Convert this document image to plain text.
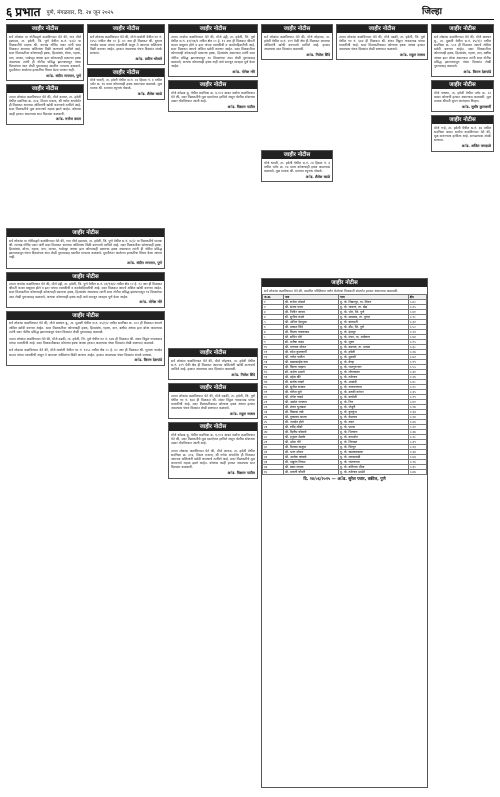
६ प्रभात पुणे, मंगळवार, दि. २४ जून २०२५	जिल्हा
जाहीर नोटीस
सर्व लोकांस या नोटीसद्वारे कळविण्यात येते की, गाव मौजे हडपसर, ता. हवेली, जि. पुणे येथील स.नं. ४२/२ या मिळकतीचे मालक श्री. रामचंद्र गोविंद पवार यांनी सदर मिळकत आमच्या अशिलांना विक्री करण्याचे ठरविले आहे. सदर मिळकतीवर कोणाचाही हक्क, हितसंबंध, बोजा, गहाण, दान, वारसा, भाडेपट्टा अथवा इतर कोणत्याही प्रकारचा हक्क असल्यास त्यांनी ही नोटीस प्रसिद्ध झाल्यापासून पंधरा दिवसांच्या आत लेखी पुराव्यासह खालील पत्त्यावर कळवावे. मुदतीनंतर आलेल्या हरकतींचा विचार केला जाणार नाही.
अॅड. संदीप जगताप, पुणे
जाहीर नोटीस
तमाम लोकांस कळविण्यात येते की, मौजे कात्रज, ता. हवेली येथील सदनिका क्र. ३०४, तिसरा मजला, श्री गणेश अपार्टमेंट ही मिळकत आमच्या अशिलांनी खरेदी करण्याचे ठरविले आहे. सदर मिळकतीचे मूळ करारनामे गहाळ झाले आहेत. कोणास काही हरकत असल्यास सात दिवसांत कळवावी.
अॅड. मनोज कदम
जाहीर नोटीस
सर्व लोकांस कळविण्यात येते की, मौजे वाघोली येथील गट नं. १२५८ मधील क्षेत्र ०० हे. ४० आर ही मिळकत श्री. सुभाष नामदेव सातव यांच्या मालकीची असून ते आमच्या अशिलांना विक्री करणार आहेत. हरकत असल्यास पंधरा दिवसांत संपर्क साधावा.
अॅड. प्रवीण भोसले
जाहीर नोटीस
मौजे धायरी, ता. हवेली येथील स.नं. ८४ हिस्सा नं. ३ मधील प्लॉट क्र. १७ यावर कोणाचाही हक्क असल्यास कळवावे. मूळ मालक श्री. दत्तात्रय रघुनाथ पोकळे.
अॅड. शैलेश काळे
जाहीर नोटीस
तमाम जनतेस कळविण्यात येते की, मौजे उंड्री, ता. हवेली, जि. पुणे येथील स.नं. ३१/१अ/२ मधील क्षेत्र ०० हे. १२ आर ही मिळकत श्रीमती कमल बाबुराव होले व इतर यांच्या मालकीची व कब्जेवहिवाटीची आहे. सदर मिळकत आमचे अशिल खरेदी करणार आहेत. सदर मिळकतीवर कोणाचाही कोणत्याही प्रकारचा हक्क, हितसंबंध असल्यास त्यांनी सदर नोटीस प्रसिद्ध झाल्यापासून १४ दिवसांच्या आत लेखी पुराव्यासह कळवावे, अन्यथा कोणाचाही हक्क नाही असे समजून व्यवहार पूर्ण केला जाईल.
अॅड. योगेश मोरे
जाहीर नोटीस
मौजे कोंढवा बु. येथील सदनिका क्र. ए-१०२ बाबत सर्वांना कळविण्यात येते की, सदर मिळकतीचे मूळ दस्तऐवज हरविले असून पोलीस स्टेशनला तक्रार नोंदविण्यात आली आहे.
अॅड. विशाल पाटील
जाहीर नोटीस
सर्व लोकांस कळविण्यात येते की, मौजे लोहगाव, ता. हवेली येथील स.नं. २१९ पैकी क्षेत्र ही मिळकत आमच्या अशिलांनी खरेदी करण्याचे ठरविले आहे. हरकत असल्यास सात दिवसांत कळवावी.
अॅड. निलेश शिंदे
जाहीर नोटीस
तमाम लोकांस कळविण्यात येते की, मौजे वडकी, ता. हवेली, जि. पुणे येथील गट नं. ६७४ ही मिळकत श्री. शंकर विठ्ठल गायकवाड यांच्या मालकीची आहे. सदर मिळकतीबाबत कोणाचा हक्क अथवा हरकत असल्यास पंधरा दिवसांत लेखी स्वरूपात कळवावे.
अॅड. राहुल जाधव
जाहीर नोटीस
सर्व लोकांस कळविण्यात येते की, मौजे बावधन बु., ता. मुळशी येथील स.नं. ४५/१/२ मधील सदनिका क्र. ५०२ ही मिळकत आमचे अशिल खरेदी करणार आहेत. सदर मिळकतीवर कोणाचाही हक्क, हितसंबंध, गहाण, दान, बक्षीस अथवा इतर बोजा असल्यास त्यांनी सदर नोटीस प्रसिद्ध झाल्यापासून पंधरा दिवसांत लेखी पुराव्यासह कळवावे.
अॅड. किरण देशपांडे
जाहीर नोटीस
मौजे पाषाण, ता. हवेली येथील प्लॉट क्र. २२ बाबत कोणाची हरकत असल्यास कळवावी. मूळ मालक श्रीमती सुमन आनंदराव निम्हण.
अॅड. सुधीर कुलकर्णी
जाहीर नोटीस
मौजे नऱ्हे, ता. हवेली येथील स.नं. ३७ मधील सदनिका बाबत सर्वांना कळविण्यात येते की, मूळ करारनामा हरविला आहे. सापडल्यास संपर्क साधावा.
अॅड. अजित जगदाळे
जाहीर नोटीस
सर्व लोकांस या नोटीसद्वारे कळविण्यात येते की, गाव मौजे हडपसर, ता. हवेली, जि. पुणे येथील स.नं. ४२/२ या मिळकतीचे मालक श्री. रामचंद्र गोविंद पवार यांनी सदर मिळकत आमच्या अशिलांना विक्री करण्याचे ठरविले आहे. सदर मिळकतीवर कोणाचाही हक्क, हितसंबंध, बोजा, गहाण, दान, वारसा, भाडेपट्टा अथवा इतर कोणत्याही प्रकारचा हक्क असल्यास त्यांनी ही नोटीस प्रसिद्ध झाल्यापासून पंधरा दिवसांच्या आत लेखी पुराव्यासह खालील पत्त्यावर कळवावे. मुदतीनंतर आलेल्या हरकतींचा विचार केला जाणार नाही.
अॅड. संदीप जगताप, पुणे
जाहीर नोटीस
तमाम जनतेस कळविण्यात येते की, मौजे उंड्री, ता. हवेली, जि. पुणे येथील स.नं. ३१/१अ/२ मधील क्षेत्र ०० हे. १२ आर ही मिळकत श्रीमती कमल बाबुराव होले व इतर यांच्या मालकीची व कब्जेवहिवाटीची आहे. सदर मिळकत आमचे अशिल खरेदी करणार आहेत. सदर मिळकतीवर कोणाचाही कोणत्याही प्रकारचा हक्क, हितसंबंध असल्यास त्यांनी सदर नोटीस प्रसिद्ध झाल्यापासून १४ दिवसांच्या आत लेखी पुराव्यासह कळवावे, अन्यथा कोणाचाही हक्क नाही असे समजून व्यवहार पूर्ण केला जाईल.
अॅड. योगेश मोरे
जाहीर नोटीस
सर्व लोकांस कळविण्यात येते की, मौजे बावधन बु., ता. मुळशी येथील स.नं. ४५/१/२ मधील सदनिका क्र. ५०२ ही मिळकत आमचे अशिल खरेदी करणार आहेत. सदर मिळकतीवर कोणाचाही हक्क, हितसंबंध, गहाण, दान, बक्षीस अथवा इतर बोजा असल्यास त्यांनी सदर नोटीस प्रसिद्ध झाल्यापासून पंधरा दिवसांत लेखी पुराव्यासह कळवावे.
तमाम लोकांस कळविण्यात येते की, मौजे वडकी, ता. हवेली, जि. पुणे येथील गट नं. ६७४ ही मिळकत श्री. शंकर विठ्ठल गायकवाड यांच्या मालकीची आहे. सदर मिळकतीबाबत कोणाचा हक्क अथवा हरकत असल्यास पंधरा दिवसांत लेखी स्वरूपात कळवावे.
सर्व लोकांस कळविण्यात येते की, मौजे वाघोली येथील गट नं. १२५८ मधील क्षेत्र ०० हे. ४० आर ही मिळकत श्री. सुभाष नामदेव सातव यांच्या मालकीची असून ते आमच्या अशिलांना विक्री करणार आहेत. हरकत असल्यास पंधरा दिवसांत संपर्क साधावा.
अॅड. किरण देशपांडे
जाहीर नोटीस
सर्व लोकांस कळविण्यात येते की, मौजे लोहगाव, ता. हवेली येथील स.नं. २१९ पैकी क्षेत्र ही मिळकत आमच्या अशिलांनी खरेदी करण्याचे ठरविले आहे. हरकत असल्यास सात दिवसांत कळवावी.
अॅड. निलेश शिंदे
जाहीर नोटीस
तमाम लोकांस कळविण्यात येते की, मौजे वडकी, ता. हवेली, जि. पुणे येथील गट नं. ६७४ ही मिळकत श्री. शंकर विठ्ठल गायकवाड यांच्या मालकीची आहे. सदर मिळकतीबाबत कोणाचा हक्क अथवा हरकत असल्यास पंधरा दिवसांत लेखी स्वरूपात कळवावे.
अॅड. राहुल जाधव
जाहीर नोटीस
मौजे कोंढवा बु. येथील सदनिका क्र. ए-१०२ बाबत सर्वांना कळविण्यात येते की, सदर मिळकतीचे मूळ दस्तऐवज हरविले असून पोलीस स्टेशनला तक्रार नोंदविण्यात आली आहे.
तमाम लोकांस कळविण्यात येते की, मौजे कात्रज, ता. हवेली येथील सदनिका क्र. ३०४, तिसरा मजला, श्री गणेश अपार्टमेंट ही मिळकत आमच्या अशिलांनी खरेदी करण्याचे ठरविले आहे. सदर मिळकतीचे मूळ करारनामे गहाळ झाले आहेत. कोणास काही हरकत असल्यास सात दिवसांत कळवावी.
अॅड. विशाल पाटील
जाहीर नोटीस
सर्व लोकांस कळविण्यात येते की, खालील परिशिष्टात वर्णन केलेल्या मिळकती संदर्भात हरकत असल्यास कळवावी.
अ.क्र.	नाव	पत्ता	क्षेत्र
१	श्री. राजेश भोसले	मु. पो. शिक्रापूर, ता. शिरूर	०.४०
२	श्री. संजय पवार	मु. पो. चाकण, ता. खेड	०.२५
३	श्री. नितीन जाधव	मु. पो. भोर, जि. पुणे	०.६१
४	सौ. सुनीता काळे	मु. पो. सासवड, ता. पुरंदर	०.१८
५	श्री. अनिल देशमुख	मु. पो. बारामती	०.३२
६	श्री. प्रकाश शिंदे	मु. पो. दौंड, जि. पुणे	०.५०
७	श्री. विजय गायकवाड	मु. पो. इंदापूर	०.२२
८	श्री. सचिन मोरे	मु. पो. मंचर, ता. आंबेगाव	०.४४
९	सौ. मनीषा कदम	मु. पो. जुन्नर	०.१५
१०	श्री. दत्तात्रय थोरात	मु. पो. वडगाव, ता. मावळ	०.३८
११	श्री. रमेश कुलकर्णी	मु. पो. हवेली	०.२७
१२	श्री. गणेश पाटील	मु. पो. मुळशी	०.४२
१३	श्री. बाळासाहेब वाघ	मु. पो. वेल्हा	०.१९
१४	श्री. किरण चव्हाण	मु. पो. राजगुरुनगर	०.५५
१५	सौ. अर्चना ढमाले	मु. पो. लोणावळा	०.३१
१६	श्री. महेश खैरे	मु. पो. तळेगाव	०.२६
१७	श्री. संतोष लांडगे	मु. पो. आळंदी	०.४८
१८	श्री. सुनील बनकर	मु. पो. नारायणगाव	०.२०
१९	श्री. योगेश घुले	मु. पो. उरुळी कांचन	०.३५
२०	श्री. मंगेश गावडे	मु. पो. वाघोली	०.२९
२१	श्री. अमोल जगताप	मु. पो. निरा	०.४१
२२	श्री. शंकर भुजबळ	मु. पो. जेजुरी	०.१७
२३	श्री. विकास तांबे	मु. पो. कुरकुंभ	०.३३
२४	श्री. तुकाराम सातव	मु. पो. केडगाव	०.२४
२५	श्री. नामदेव होले	मु. पो. यवत	०.४६
२६	श्री. रवींद्र ठोंबरे	मु. पो. पाटस	०.२१
२७	श्री. दिलीप कोकाटे	मु. पो. भिगवण	०.३७
२८	श्री. हनुमंत शेळके	मु. पो. कामशेत	०.२८
२९	श्री. उमेश गोरे	मु. पो. शिरवळ	०.३९
३०	श्री. कैलास वाळुंज	मु. पो. पिरंगुट	०.२३
३१	श्री. भरत दरेकर	मु. पो. खडकवासला	०.३४
३२	श्री. अशोक कांबळे	मु. पो. सणसवाडी	०.४३
३३	श्री. पांडुरंग निकम	मु. पो. रांजणगाव	०.१६
३४	श्री. बबन जाधव	मु. पो. कोरेगाव भीमा	०.३०
३५	श्री. मारुती चौधरी	मु. पो. तळेगाव ढमढेरे	०.४७
दि. २४/०६/२०२५ — अॅड. सुरेश पवार, वकील, पुणे
जाहीर नोटीस
मौजे धायरी, ता. हवेली येथील स.नं. ८४ हिस्सा नं. ३ मधील प्लॉट क्र. १७ यावर कोणाचाही हक्क असल्यास कळवावे. मूळ मालक श्री. दत्तात्रय रघुनाथ पोकळे.
अॅड. शैलेश काळे
